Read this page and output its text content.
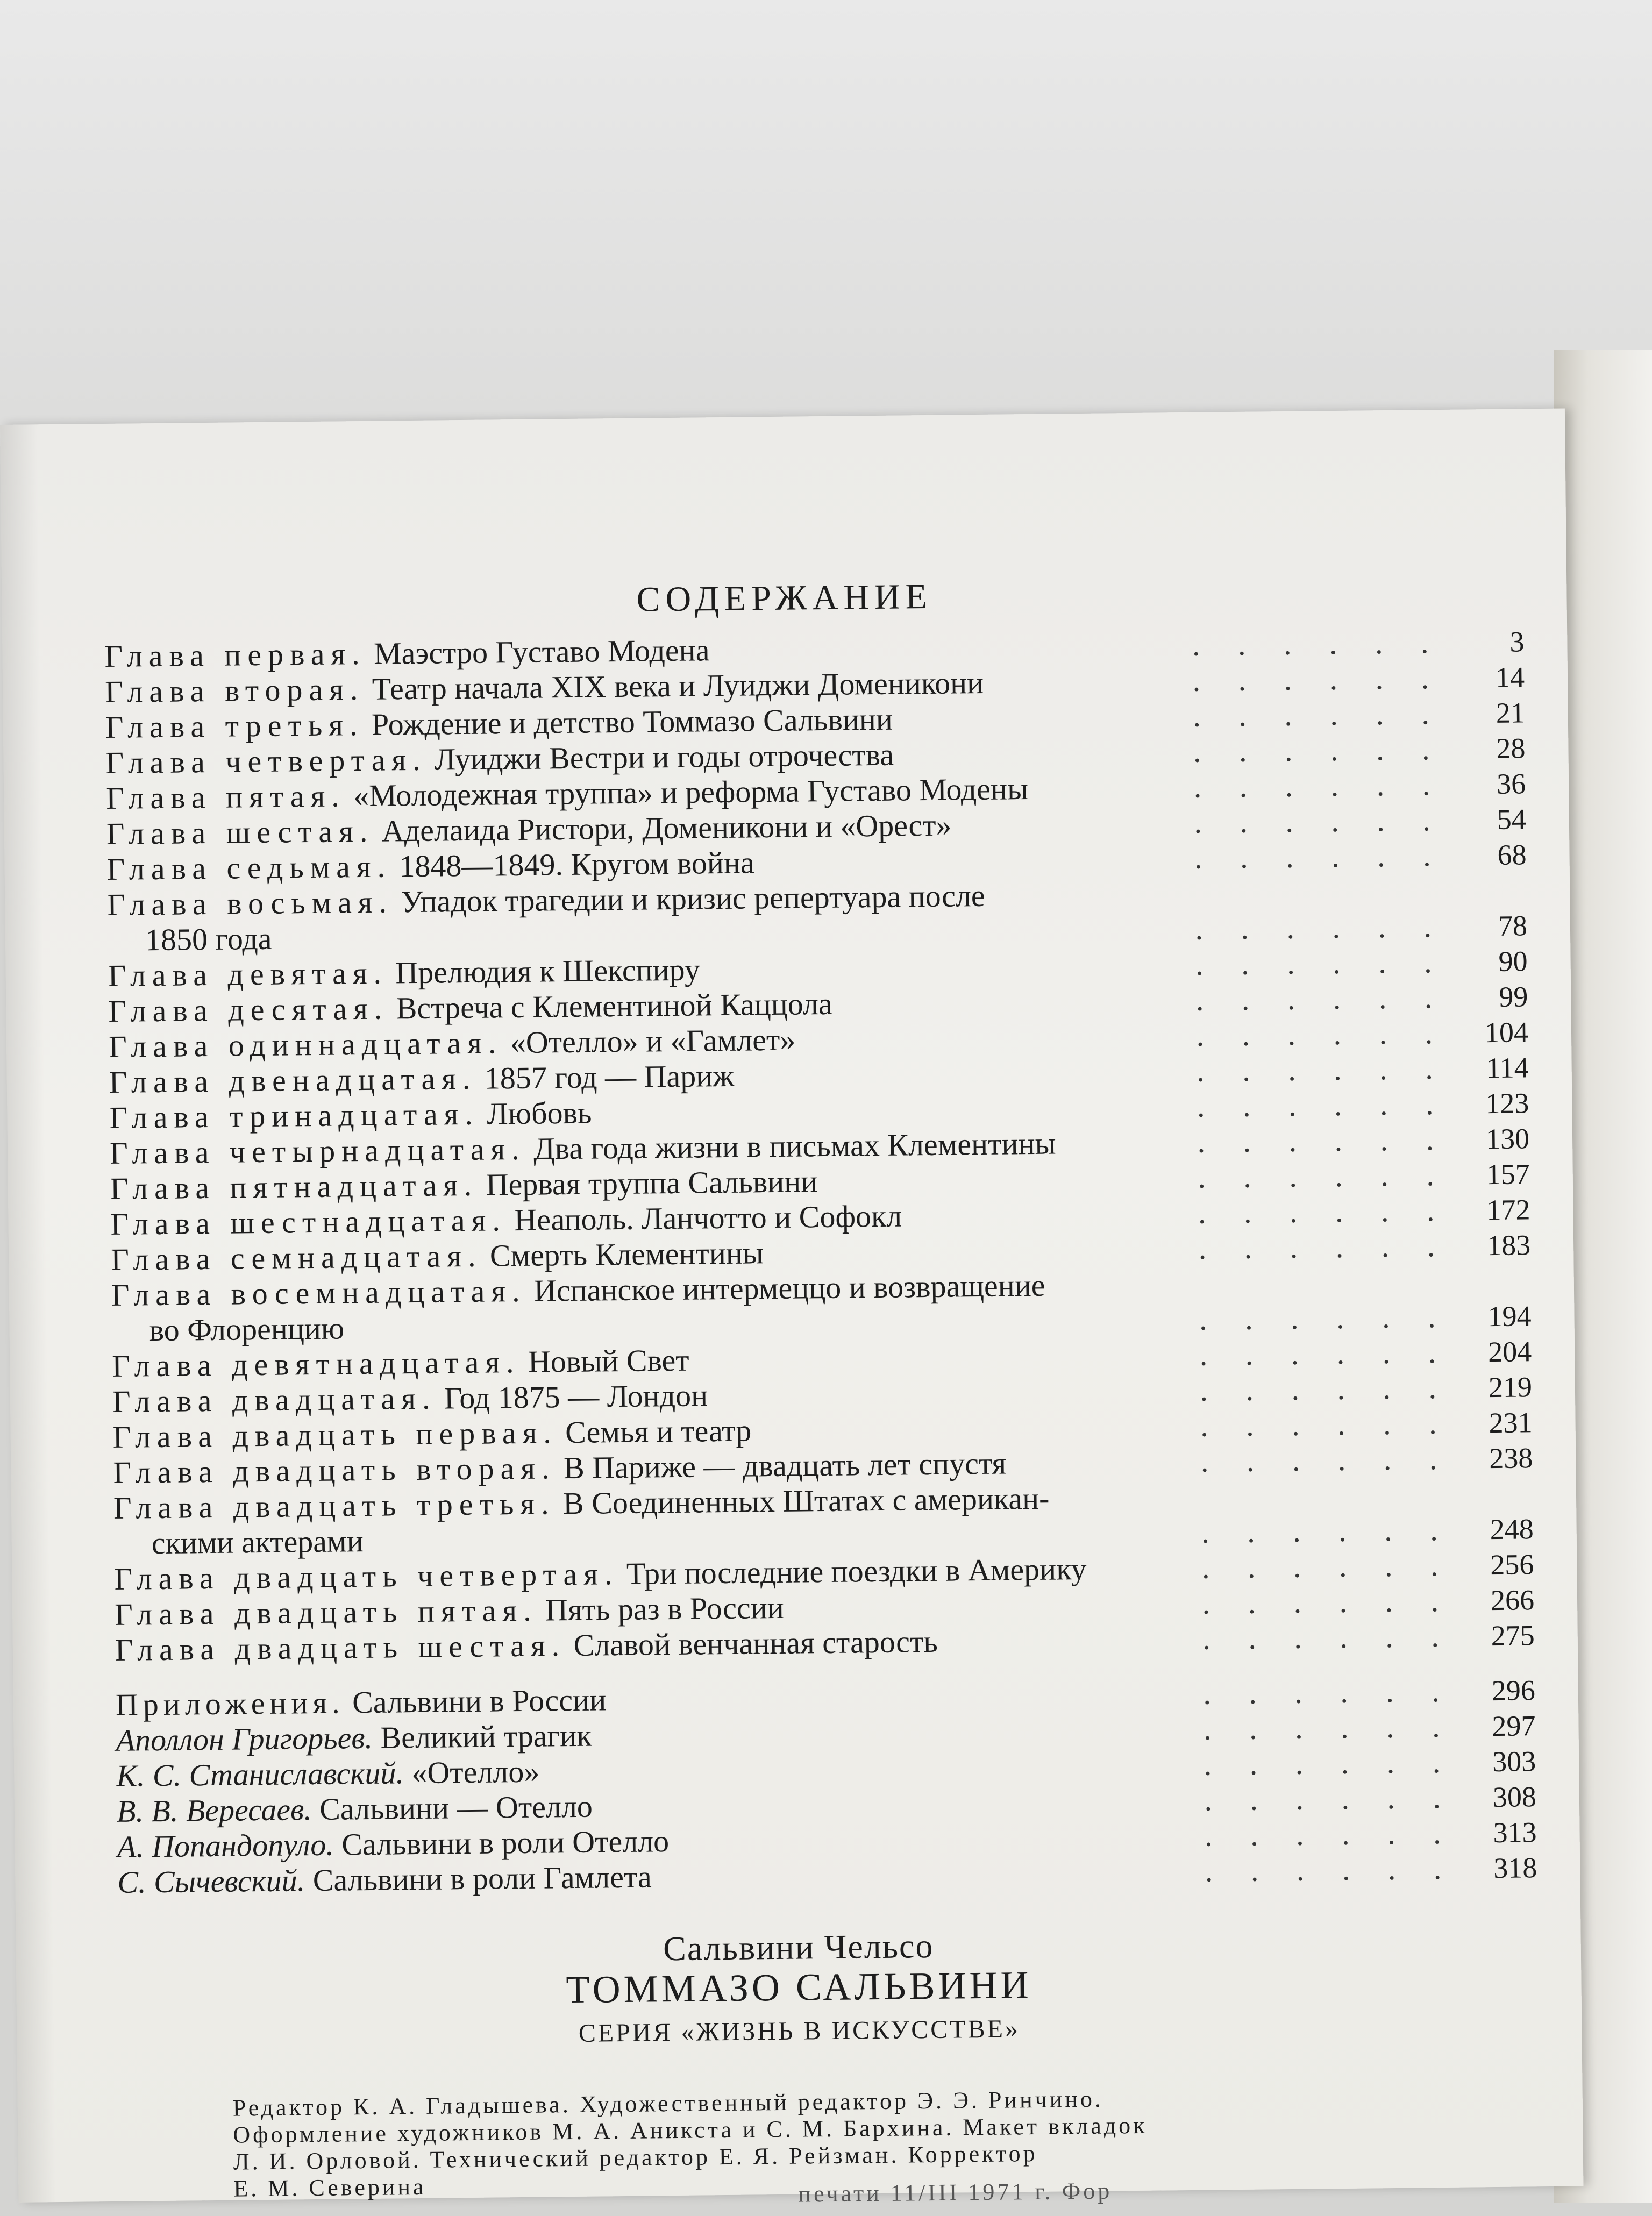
СОДЕРЖАНИЕ
Глава первая. Маэстро Густаво Модена	. . . . . .	3
Глава вторая. Театр начала XIX века и Луиджи Доменикони	. . . . . .	14
Глава третья. Рождение и детство Томмазо Сальвини	. . . . . .	21
Глава четвертая. Луиджи Вестри и годы отрочества	. . . . . .	28
Глава пятая. «Молодежная труппа» и реформа Густаво Модены	. . . . . .	36
Глава шестая. Аделаида Ристори, Доменикони и «Орест»	. . . . . .	54
Глава седьмая. 1848—1849. Кругом война	. . . . . .	68
Глава восьмая. Упадок трагедии и кризис репертуара после
1850 года	. . . . . .	78
Глава девятая. Прелюдия к Шекспиру	. . . . . .	90
Глава десятая. Встреча с Клементиной Каццола	. . . . . .	99
Глава одиннадцатая. «Отелло» и «Гамлет»	. . . . . .	104
Глава двенадцатая. 1857 год — Париж	. . . . . .	114
Глава тринадцатая. Любовь	. . . . . .	123
Глава четырнадцатая. Два года жизни в письмах Клементины	. . . . . .	130
Глава пятнадцатая. Первая труппа Сальвини	. . . . . .	157
Глава шестнадцатая. Неаполь. Ланчотто и Софокл	. . . . . .	172
Глава семнадцатая. Смерть Клементины	. . . . . .	183
Глава восемнадцатая. Испанское интермеццо и возвращение
во Флоренцию	. . . . . .	194
Глава девятнадцатая. Новый Свет	. . . . . .	204
Глава двадцатая. Год 1875 — Лондон	. . . . . .	219
Глава двадцать первая. Семья и театр	. . . . . .	231
Глава двадцать вторая. В Париже — двадцать лет спустя	. . . . . .	238
Глава двадцать третья. В Соединенных Штатах с американ-
скими актерами	. . . . . .	248
Глава двадцать четвертая. Три последние поездки в Америку	. . . . . .	256
Глава двадцать пятая. Пять раз в России	. . . . . .	266
Глава двадцать шестая. Славой венчанная старость	. . . . . .	275
Приложения. Сальвини в России	. . . . . .	296
Аполлон Григорьев. Великий трагик	. . . . . .	297
К. С. Станиславский. «Отелло»	. . . . . .	303
В. В. Вересаев. Сальвини — Отелло	. . . . . .	308
А. Попандопуло. Сальвини в роли Отелло	. . . . . .	313
С. Сычевский. Сальвини в роли Гамлета	. . . . . .	318
Сальвини Чельсо
ТОММАЗО САЛЬВИНИ
СЕРИЯ «ЖИЗНЬ В ИСКУССТВЕ»
Редактор К. А. Гладышева. Художественный редактор Э. Э. Ринчино.
Оформление художников М. А. Аникста и С. М. Бархина. Макет вкладок
Л. И. Орловой. Технический редактор Е. Я. Рейзман. Корректор
Е. М. Северина	печати 11/III 1971 г. Фор
